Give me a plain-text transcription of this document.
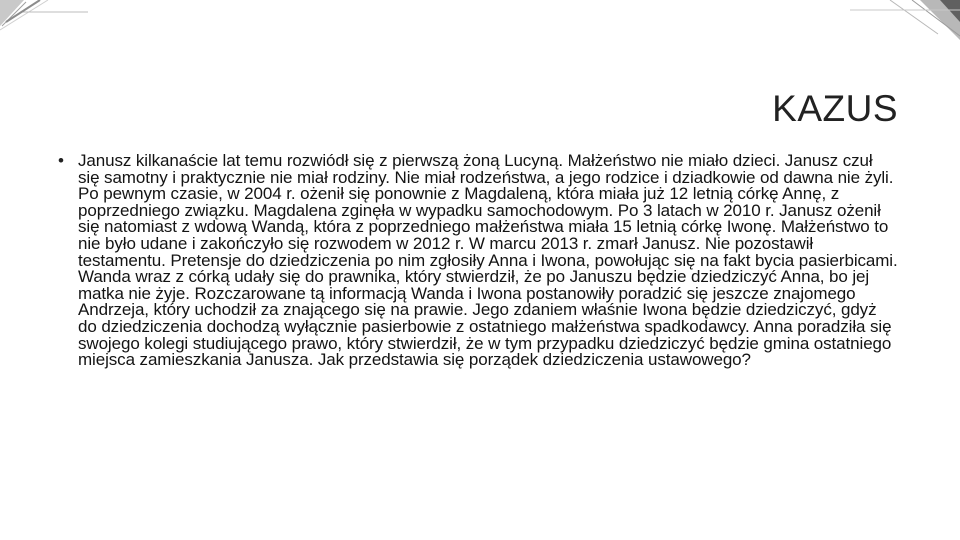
KAZUS
• Janusz kilkanaście lat temu rozwiódł się z pierwszą żoną Lucyną. Małżeństwo nie miało dzieci. Janusz czuł się samotny i praktycznie nie miał rodziny. Nie miał rodzeństwa, a jego rodzice i dziadkowie od dawna nie żyli. Po pewnym czasie, w 2004 r. ożenił się ponownie z Magdaleną, która miała już 12 letnią córkę Annę, z poprzedniego związku. Magdalena zginęła w wypadku samochodowym. Po 3 latach w 2010 r. Janusz ożenił się natomiast z wdową Wandą, która z poprzedniego małżeństwa miała 15 letnią córkę Iwonę. Małżeństwo to nie było udane i zakończyło się rozwodem w 2012 r. W marcu 2013 r. zmarł Janusz. Nie pozostawił testamentu. Pretensje do dziedziczenia po nim zgłosiły Anna i Iwona, powołując się na fakt bycia pasierbicami. Wanda wraz z córką udały się do prawnika, który stwierdził, że po Januszu będzie dziedziczyć Anna, bo jej matka nie żyje. Rozczarowane tą informacją Wanda i Iwona postanowiły poradzić się jeszcze znajomego Andrzeja, który uchodził za znającego się na prawie. Jego zdaniem właśnie Iwona będzie dziedziczyć, gdyż do dziedziczenia dochodzą wyłącznie pasierbowie z ostatniego małżeństwa spadkodawcy. Anna poradziła się swojego kolegi studiującego prawo, który stwierdził, że w tym przypadku dziedziczyć będzie gmina ostatniego miejsca zamieszkania Janusza. Jak przedstawia się porządek dziedziczenia ustawowego?
